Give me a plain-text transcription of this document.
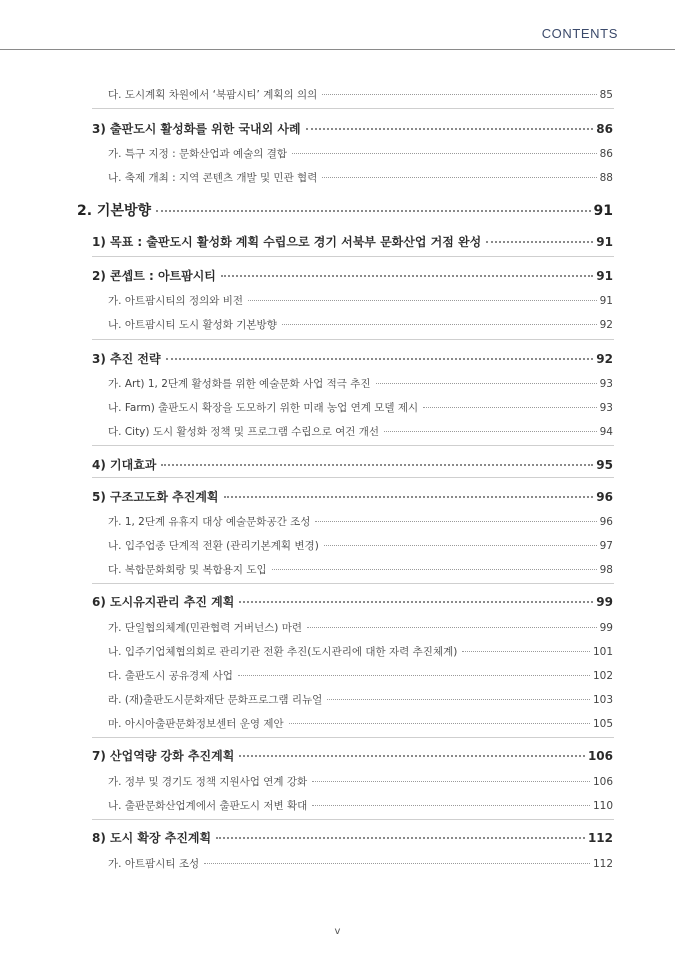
CONTENTS
다. 도시계획 차원에서 ‘북팜시티’ 계획의 의의	85
3) 출판도시 활성화를 위한 국내외 사례	86
가. 특구 지정 : 문화산업과 예술의 결합	86
나. 축제 개최 : 지역 콘텐츠 개발 및 민관 협력	88
2. 기본방향	91
1) 목표 : 출판도시 활성화 계획 수립으로 경기 서북부 문화산업 거점 완성	91
2) 콘셉트 : 아트팜시티	91
가. 아트팜시티의 정의와 비전	91
나. 아트팜시티 도시 활성화 기본방향	92
3) 추진 전략	92
가. Art) 1, 2단계 활성화를 위한 예술문화 사업 적극 추진	93
나. Farm) 출판도시 확장을 도모하기 위한 미래 농업 연계 모델 제시	93
다. City) 도시 활성화 정책 및 프로그램 수립으로 여건 개선	94
4) 기대효과	95
5) 구조고도화 추진계획	96
가. 1, 2단계 유휴지 대상 예술문화공간 조성	96
나. 입주업종 단계적 전환 (관리기본계획 변경)	97
다. 복합문화회랑 및 복합용지 도입	98
6) 도시유지관리 추진 계획	99
가. 단일협의체계(민관협력 거버넌스) 마련	99
나. 입주기업체협의회로 관리기관 전환 추진(도시관리에 대한 자력 추진체계)	101
다. 출판도시 공유경제 사업	102
라. (재)출판도시문화재단 문화프로그램 리뉴얼	103
마. 아시아출판문화정보센터 운영 제안	105
7) 산업역량 강화 추진계획	106
가. 정부 및 경기도 정책 지원사업 연계 강화	106
나. 출판문화산업계에서 출판도시 저변 확대	110
8) 도시 확장 추진계획	112
가. 아트팜시티 조성	112
v
